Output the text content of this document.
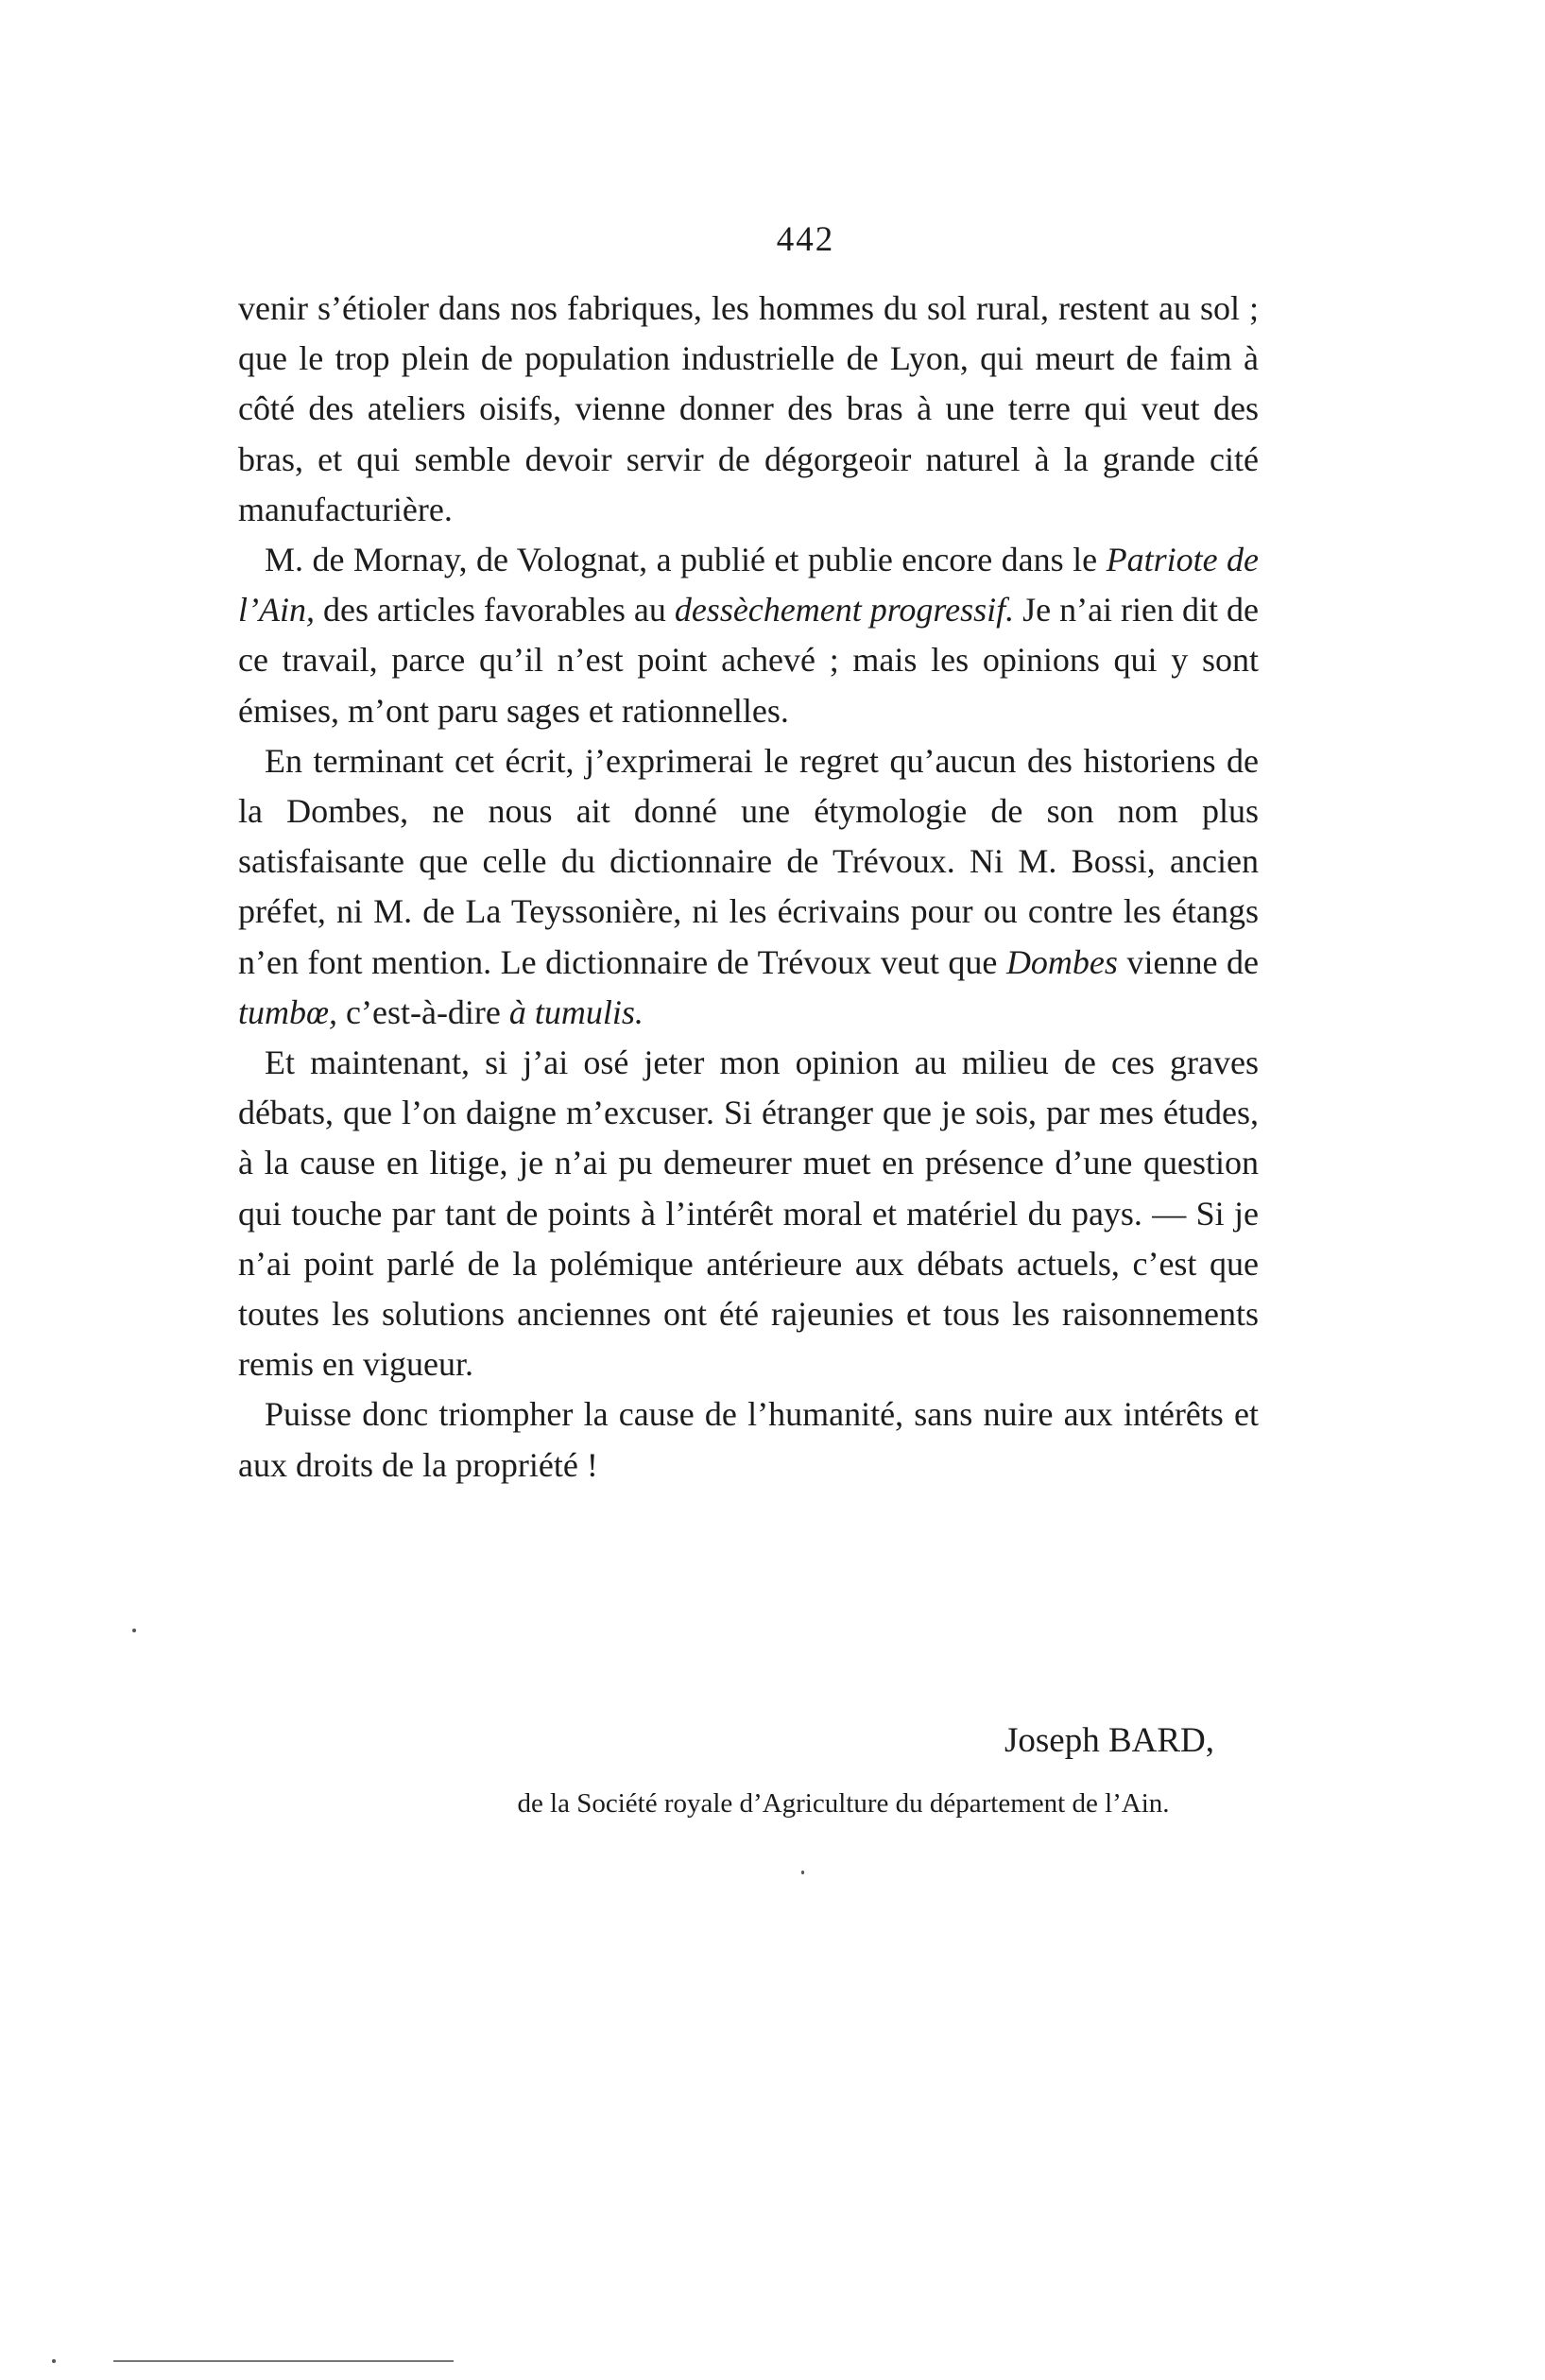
442

venir s’étioler dans nos fabriques, les hommes du sol rural, restent au sol ; que le trop plein de population industrielle de Lyon, qui meurt de faim à côté des ateliers oisifs, vienne donner des bras à une terre qui veut des bras, et qui semble devoir servir de dégorgeoir naturel à la grande cité manufacturière.

M. de Mornay, de Volognat, a publié et publie encore dans le Patriote de l’Ain, des articles favorables au dessèchement progressif. Je n’ai rien dit de ce travail, parce qu’il n’est point achevé ; mais les opinions qui y sont émises, m’ont paru sages et rationnelles.

En terminant cet écrit, j’exprimerai le regret qu’aucun des historiens de la Dombes, ne nous ait donné une étymologie de son nom plus satisfaisante que celle du dictionnaire de Trévoux. Ni M. Bossi, ancien préfet, ni M. de La Teyssonière, ni les écrivains pour ou contre les étangs n’en font mention. Le dictionnaire de Trévoux veut que Dombes vienne de tumbœ, c’est-à-dire à tumulis.

Et maintenant, si j’ai osé jeter mon opinion au milieu de ces graves débats, que l’on daigne m’excuser. Si étranger que je sois, par mes études, à la cause en litige, je n’ai pu demeurer muet en présence d’une question qui touche par tant de points à l’intérêt moral et matériel du pays. — Si je n’ai point parlé de la polémique antérieure aux débats actuels, c’est que toutes les solutions anciennes ont été rajeunies et tous les raisonnements remis en vigueur.

Puisse donc triompher la cause de l’humanité, sans nuire aux intérêts et aux droits de la propriété !

Joseph BARD,
de la Société royale d’Agriculture du département de l’Ain.
